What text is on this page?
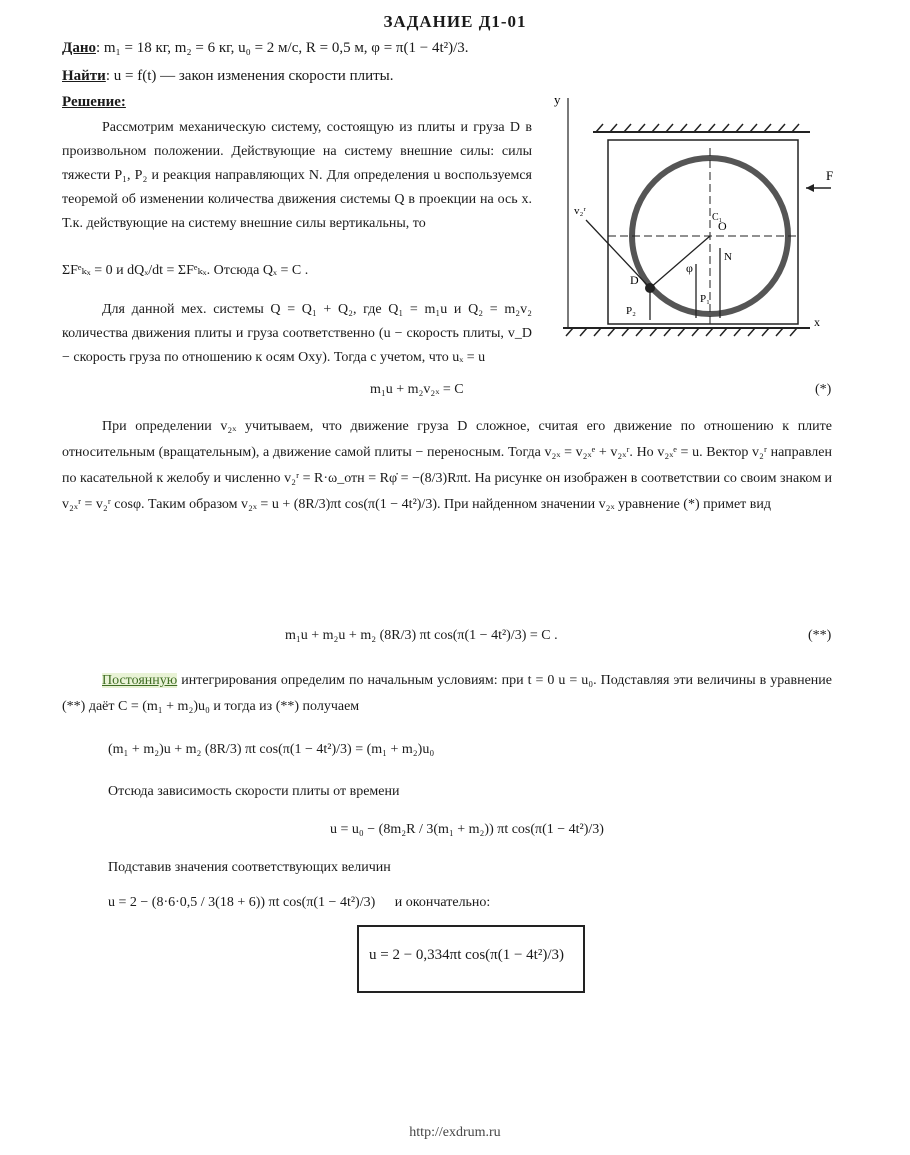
ЗАДАНИЕ Д1-01
Дано: m₁ = 18 кг, m₂ = 6 кг, u₀ = 2 м/с, R = 0,5 м, φ = π(1 − 4t²)/3.
Найти: u = f(t) — закон изменения скорости плиты.
Решение:
Рассмотрим механическую систему, состоящую из плиты и груза D в произвольном положении. Действующие на систему внешние силы: силы тяжести P₁, P₂ и реакция направляющих N. Для определения u воспользуемся теоремой об изменении количества движения системы Q в проекции на ось x. Т.к. действующие на систему внешние силы вертикальны, то
ΣFᵉₖₓ = 0 и dQₓ/dt = ΣFᵉₖₓ. Отсюда Qₓ = C .
Для данной мех. системы Q = Q₁ + Q₂, где Q₁ = m₁u и Q₂ = m₂v₂ количества движения плиты и груза соответственно (u − скорость плиты, v_D − скорость груза по отношению к осям Oxy). Тогда с учетом, что uₓ = u
m₁u + m₂v₂ₓ = C	(*)
При определении v₂ₓ учитываем, что движение груза D сложное, считая его движение по отношению к плите относительным (вращательным), а движение самой плиты − переносным. Тогда v₂ₓ = v₂ₓᵉ + v₂ₓʳ. Но v₂ₓᵉ = u. Вектор v₂ʳ направлен по касательной к желобу и численно v₂ʳ = R·ω_отн = Rφ̇ = −(8/3)Rπt. На рисунке он изображен в соответствии со своим знаком и v₂ₓʳ = v₂ʳ cosφ. Таким образом v₂ₓ = u + (8R/3)πt cos(π(1 − 4t²)/3). При найденном значении v₂ₓ уравнение (*) примет вид
m₁u + m₂u + m₂ (8R/3) πt cos(π(1 − 4t²)/3) = C .	(**)
Постоянную интегрирования определим по начальным условиям: при t = 0 u = u₀. Подставляя эти величины в уравнение (**) даёт C = (m₁ + m₂)u₀ и тогда из (**) получаем
(m₁ + m₂)u + m₂ (8R/3) πt cos(π(1 − 4t²)/3) = (m₁ + m₂)u₀
Отсюда зависимость скорости плиты от времени
u = u₀ − (8m₂R / 3(m₁ + m₂)) πt cos(π(1 − 4t²)/3)
Подставив значения соответствующих величин
u = 2 − (8·6·0,5 / 3(18 + 6)) πt cos(π(1 − 4t²)/3) и окончательно:
u = 2 − 0,334πt cos(π(1 − 4t²)/3)
y
F
O
φ
D
v₂ʳ
P₂
P₁
N
C₁
x
http://exdrum.ru
